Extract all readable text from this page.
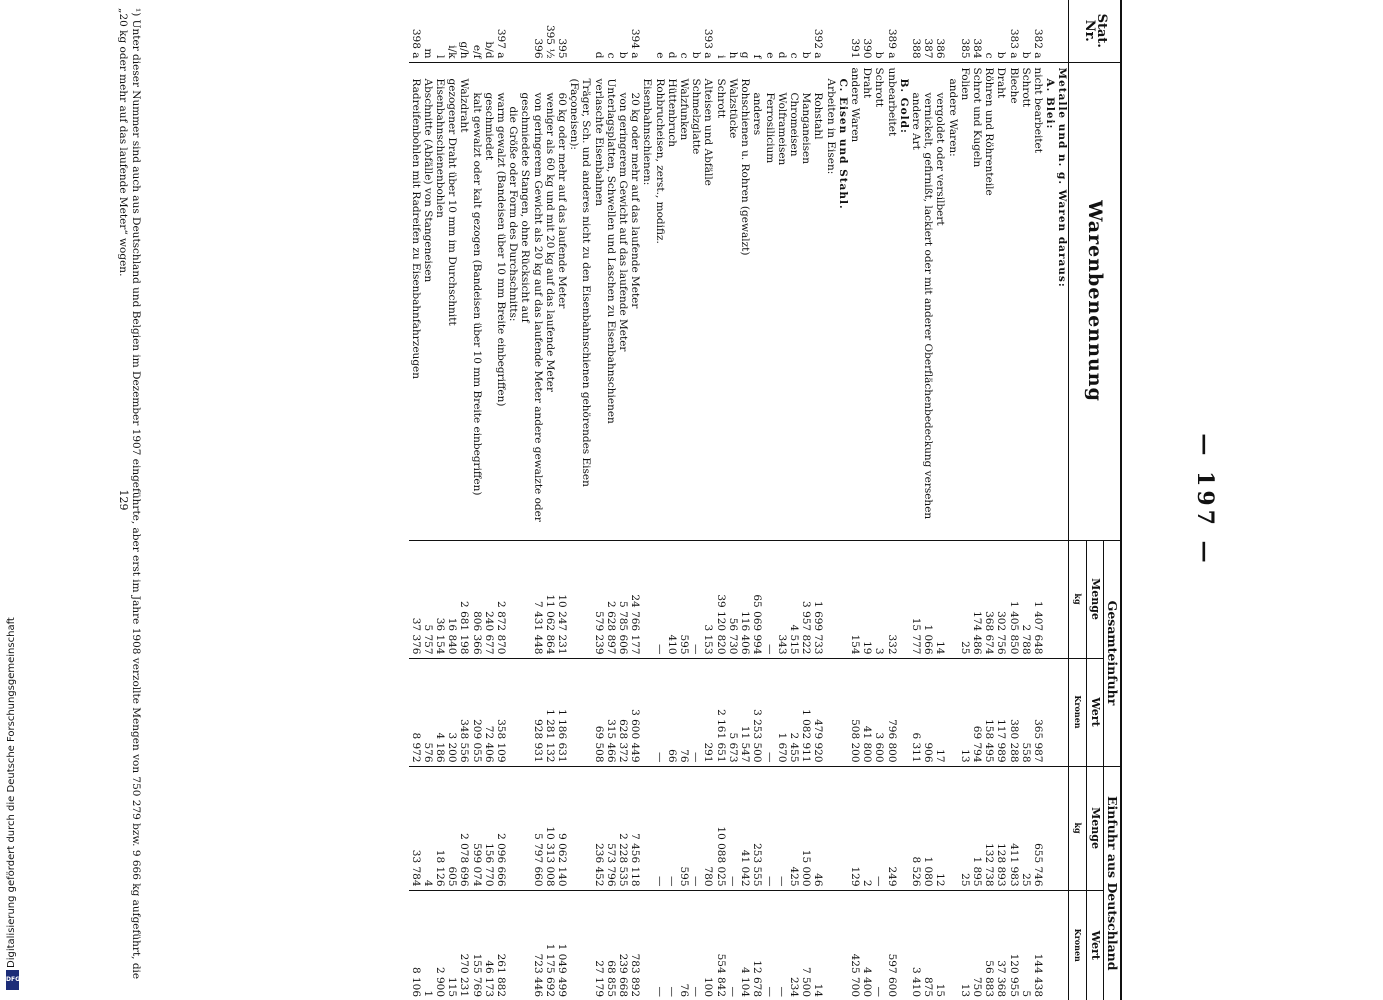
— 197 —
Stat. Nr.	Warenbenennung	Gesamteinfuhr		Einfuhr aus Deutschland	
		Menge	Wert	Menge	Wert
		kg	Kronen	kg	Kronen
	Metalle und n. g. Waren daraus:				
	A. Blei:				
382 a	nicht bearbeitet	1 407 648	365 987	655 746	144 438
b	Schrott	2 788	558	25	5
383 a	Bleche	1 405 850	380 288	411 983	120 955
b	Draht	302 756	117 989	128 893	37 368
c	Röhren und Röhrenteile	368 674	158 495	132 738	56 883
384	Schrot und Kugeln	174 486	69 794	1 895	750
385	Folien	25	13	25	13
	andere Waren:				
386	vergoldet oder versilbert	14	17	12	15
387	vernickelt, gefirnißt, lackiert oder mit anderer Oberflächenbedeckung versehen	1 066	906	1 080	875
388	andere Art	15 777	6 311	8 526	3 410
	B. Gold:				
389 a	unbearbeitet	332	796 800	249	597 600
b	Schrott	3	3 600	—	—
390	Draht	19	41 800	2	4 400
391	andere Waren	154	508 200	129	425 700
	C. Eisen und Stahl.				
	Arbeiten in Eisen:				
392 a	Rohstahl	1 699 733	479 920	46	14
b	Manganeisen	3 957 822	1 082 911	15 000	7 500
c	Chromeisen	4 515	2 455	425	234
d	Wolframeisen	343	1 670	—	—
e	Ferrosilicium	—	—	—	—
f	anderes	65 069 994	3 253 500	253 555	12 678
g	Rohschienen u. Rohren (gewalzt)	116 406	11 547	41 042	4 104
h	Walzstücke	56 730	5 673	—	—
i	Schrott	39 120 820	2 161 651	10 088 025	554 842
393 a	Alteisen und Abfälle	3 153	291	780	100
b	Schmelzglatte	—	—	—	—
c	Walzfunken	595	76	595	76
d	Hüttenbruch	410	66	—	—
e	Rohbrucheisen, zerst., modifiz.	—	—	—	—
	Eisenbahnschienen:				
394 a	20 kg oder mehr auf das laufende Meter	24 766 177	3 600 449	7 456 118	783 892
b	von geringerem Gewicht auf das laufende Meter	5 785 606	628 372	2 228 535	239 668
c	Unterlagsplatten, Schwellen und Laschen zu Eisenbahnschienen	2 628 897	315 466	573 796	68 855
d	verlaschte Eisenbahnen	579 239	69 508	236 452	27 179
	Träger, Sch. und anderes nicht zu den Eisenbahnschienen gehörendes Eisen (Façoneisen):				
395	60 kg oder mehr auf das laufende Meter	10 247 231	1 186 631	9 062 140	1 049 499
395 ½	weniger als 60 kg und mit 20 kg auf das laufende Meter	11 062 864	1 281 132	10 313 008	1 175 692
396	von geringerem Gewicht als 20 kg auf das laufende Meter andere gewalzte oder geschmiedete Stangen, ohne Rücksicht auf	7 431 448	928 931	5 797 660	723 446
	die Größe oder Form des Durchschnitts:				
397 a	warm gewalzt (Bandeisen über 10 mm Breite einbegriffen)	2 872 870	358 109	2 096 666	261 882
b/d	geschmiedet	240 677	72 406	156 770	46 173
e/f	kalt gewalzt oder kalt gezogen (Bandeisen über 10 mm Breite einbegriffen)	806 366	209 055	599 074	155 769
g/h	Walzdraht	2 681 198	348 556	2 078 696	270 231
i/k	gezogener Draht über 10 mm im Durchschnitt	16 840	3 200	605	115
l	Eisenbahnschienenbohlen	36 154	4 186	18 126	2 900
m	Abschnitte (Abfälle) von Stangeneisen	5 757	576	4	1
398 a	Radreifenbohlen mit Radreifen zu Eisenbahnfahrzeugen	37 376	8 972	33 784	8 106
¹) Unter dieser Nummer sind auch aus Deutschland und Belgien im Dezember 1907 eingeführte, aber erst im Jahre 1908 verzollte Mengen von 750 279 bzw. 9 666 kg aufgeführt, die „20 kg oder mehr auf das laufende Meter“ wogen.
129
Digitalisierung gefördert durch die Deutsche Forschungsgemeinschaft
DFG
